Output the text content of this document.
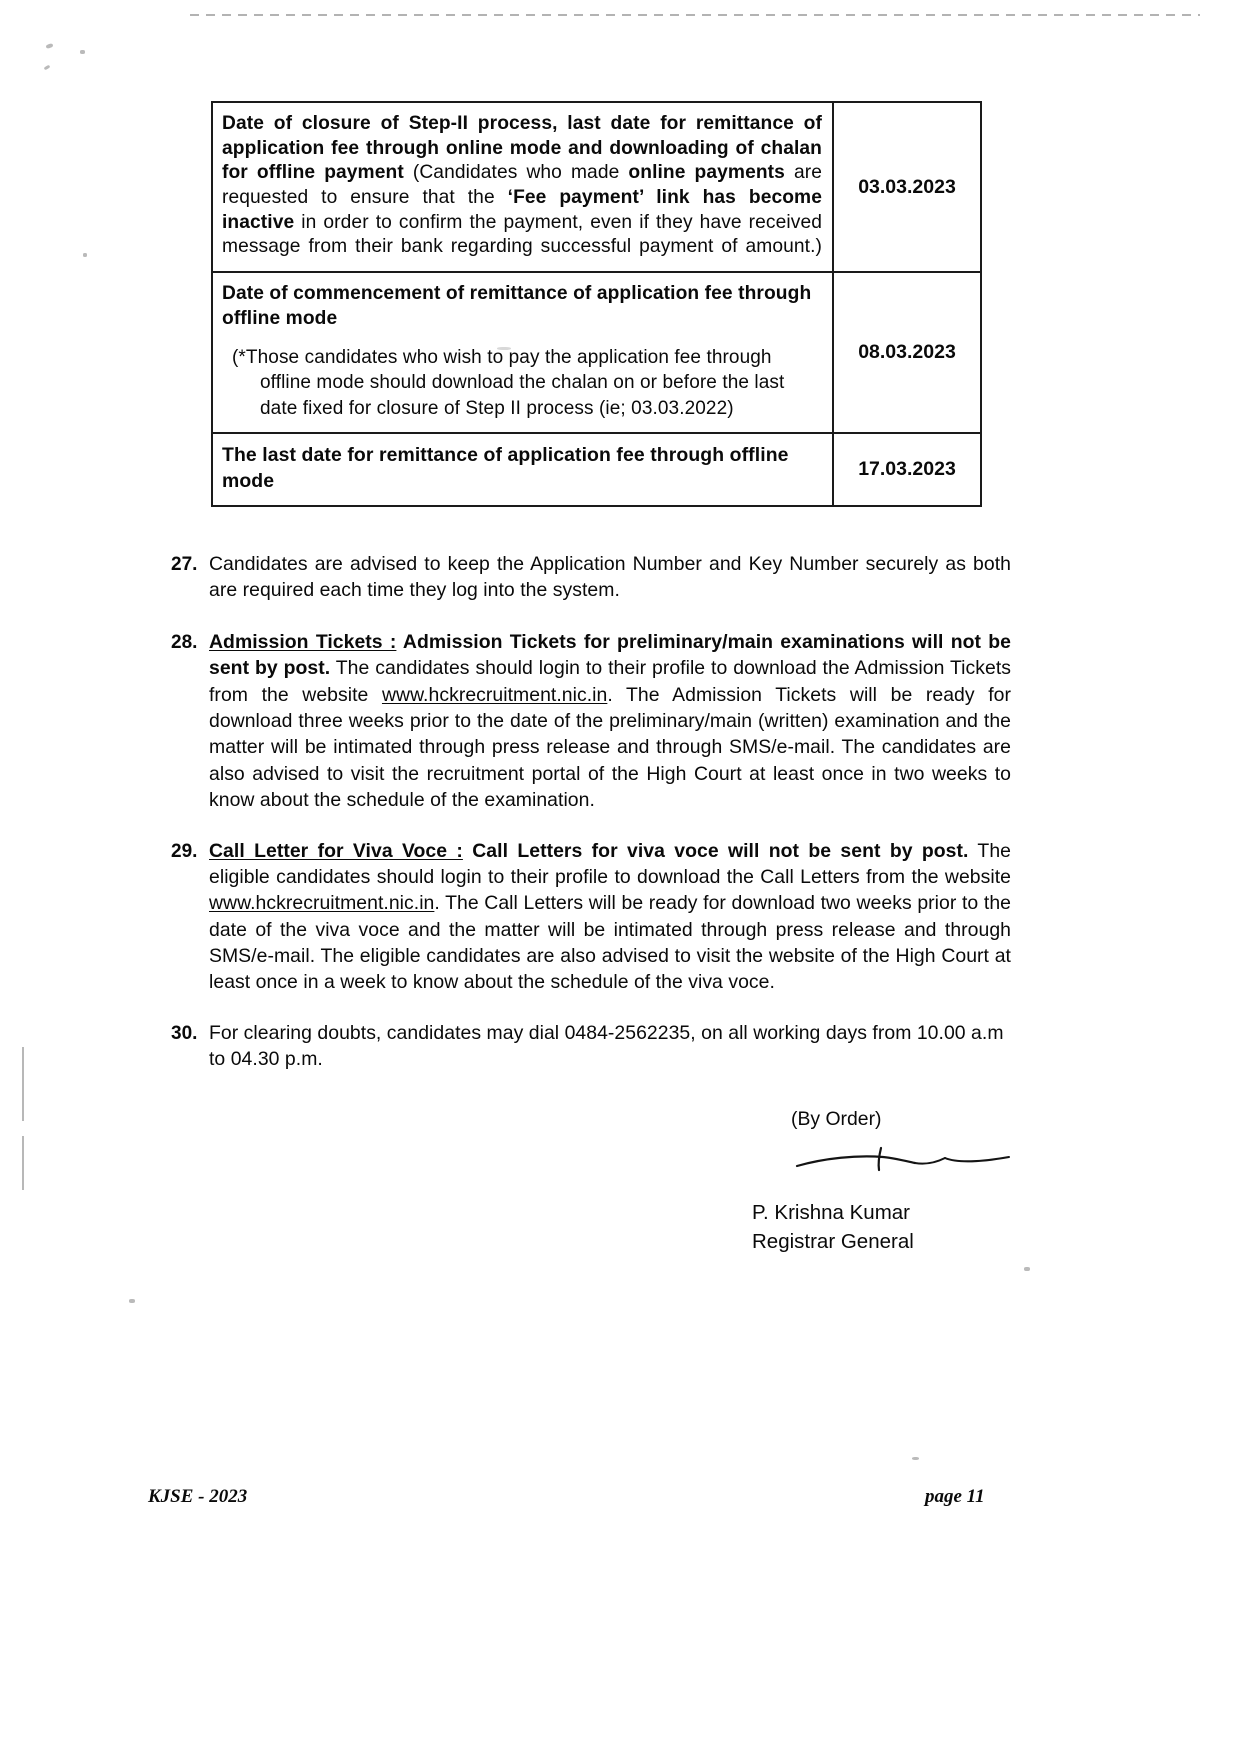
Date of closure of Step-II process, last date for remittance of application fee through online mode and downloading of chalan for offline payment (Candidates who made online payments are requested to ensure that the ‘Fee payment’ link has become inactive in order to confirm the payment, even if they have received message from their bank regarding successful payment of amount.)	03.03.2023

Date of commencement of remittance of application fee through offline mode
(*Those candidates who wish to pay the application fee through
offline mode should download the chalan on or before the last
date fixed for closure of Step II process (ie; 03.03.2022)	08.03.2023

The last date for remittance of application fee through offline mode	17.03.2023
27. Candidates are advised to keep the Application Number and Key Number securely as both are required each time they log into the system.
28. Admission Tickets : Admission Tickets for preliminary/main examinations will not be sent by post. The candidates should login to their profile to download the Admission Tickets from the website www.hckrecruitment.nic.in. The Admission Tickets will be ready for download three weeks prior to the date of the preliminary/main (written) examination and the matter will be intimated through press release and through SMS/e-mail. The candidates are also advised to visit the recruitment portal of the High Court at least once in two weeks to know about the schedule of the examination.
29. Call Letter for Viva Voce : Call Letters for viva voce will not be sent by post. The eligible candidates should login to their profile to download the Call Letters from the website www.hckrecruitment.nic.in. The Call Letters will be ready for download two weeks prior to the date of the viva voce and the matter will be intimated through press release and through SMS/e-mail. The eligible candidates are also advised to visit the website of the High Court at least once in a week to know about the schedule of the viva voce.
30. For clearing doubts, candidates may dial 0484-2562235, on all working days from 10.00 a.m to 04.30 p.m.
(By Order)
P. Krishna Kumar
Registrar General
KJSE - 2023	page 11
